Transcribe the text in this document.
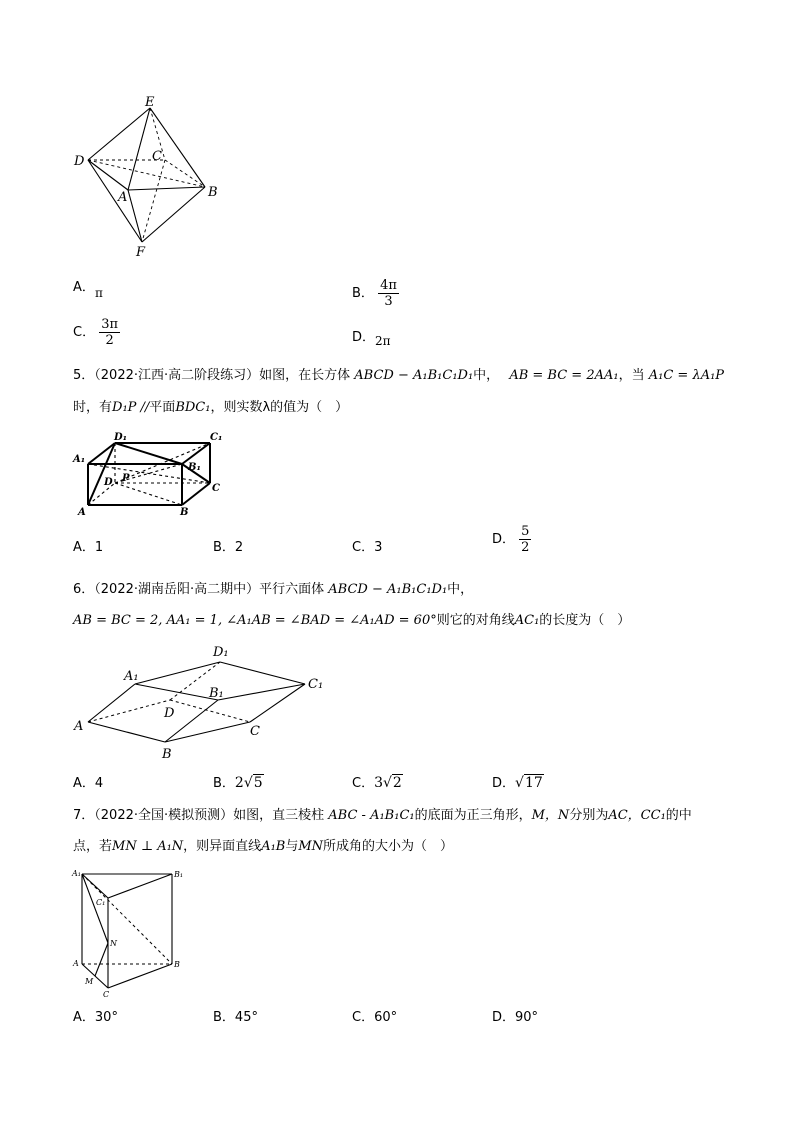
E
D	C
A	B
F
A． π	B． $\frac{4\pi}{3}$
C． $\frac{3\pi}{2}$	D． 2π
5．（2022·江西·高二阶段练习）如图，在长方体 ABCD − A₁B₁C₁D₁中， AB = BC = 2AA₁，当 A₁C = λA₁P
时，有D₁P //平面BDC₁，则实数λ的值为（　）
A₁
D₁	C₁
B₁
D P
C
A	B
A．1	B．2	C．3
D． $\frac{5}{2}$
6．（2022·湖南岳阳·高二期中）平行六面体 ABCD − A₁B₁C₁D₁中，
AB = BC = 2, AA₁ = 1, ∠A₁AB = ∠BAD = ∠A₁AD = 60°则它的对角线AC₁的长度为（　）
A₁
D₁
C₁
B₁
D
A
B
C
A．4	B．2√5	C．3√2	D．√17
7．（2022·全国·模拟预测）如图，直三棱柱 ABC - A₁B₁C₁的底面为正三角形，M，N分别为AC，CC₁的中
点，若MN ⊥ A₁N，则异面直线A₁B与MN所成角的大小为（　）
A₁	B₁
C₁
N
A
M
C
B
A．30°	B．45°	C．60°	D．90°
